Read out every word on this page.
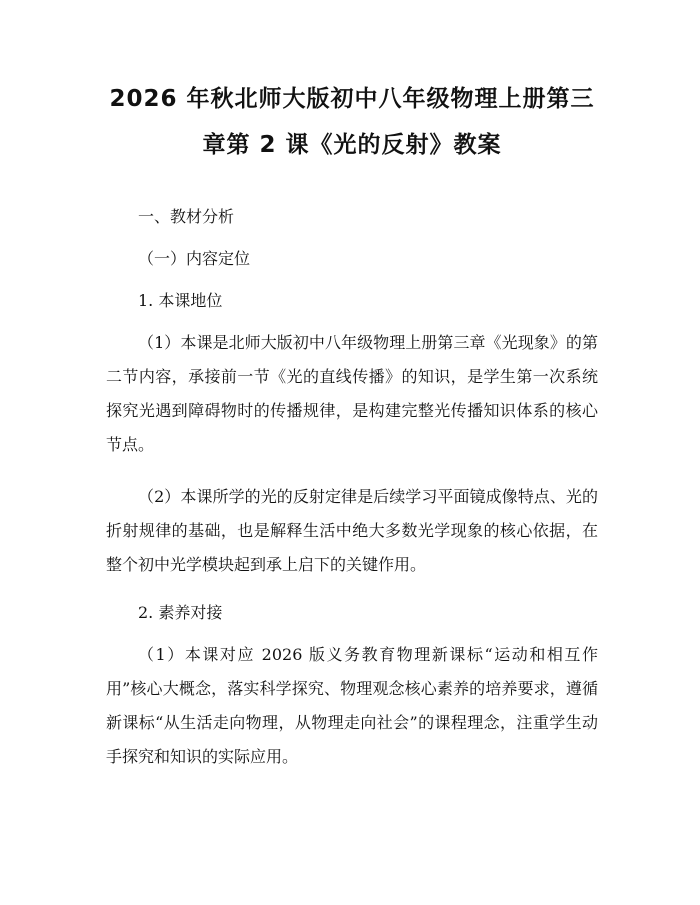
2026 年秋北师大版初中八年级物理上册第三
章第 2 课《光的反射》教案

一、教材分析

（一）内容定位

1. 本课地位

（1）本课是北师大版初中八年级物理上册第三章《光现象》的第二节内容，承接前一节《光的直线传播》的知识，是学生第一次系统探究光遇到障碍物时的传播规律，是构建完整光传播知识体系的核心节点。

（2）本课所学的光的反射定律是后续学习平面镜成像特点、光的折射规律的基础，也是解释生活中绝大多数光学现象的核心依据，在整个初中光学模块起到承上启下的关键作用。

2. 素养对接

（1）本课对应 2026 版义务教育物理新课标“运动和相互作用”核心大概念，落实科学探究、物理观念核心素养的培养要求，遵循新课标“从生活走向物理，从物理走向社会”的课程理念，注重学生动手探究和知识的实际应用。
